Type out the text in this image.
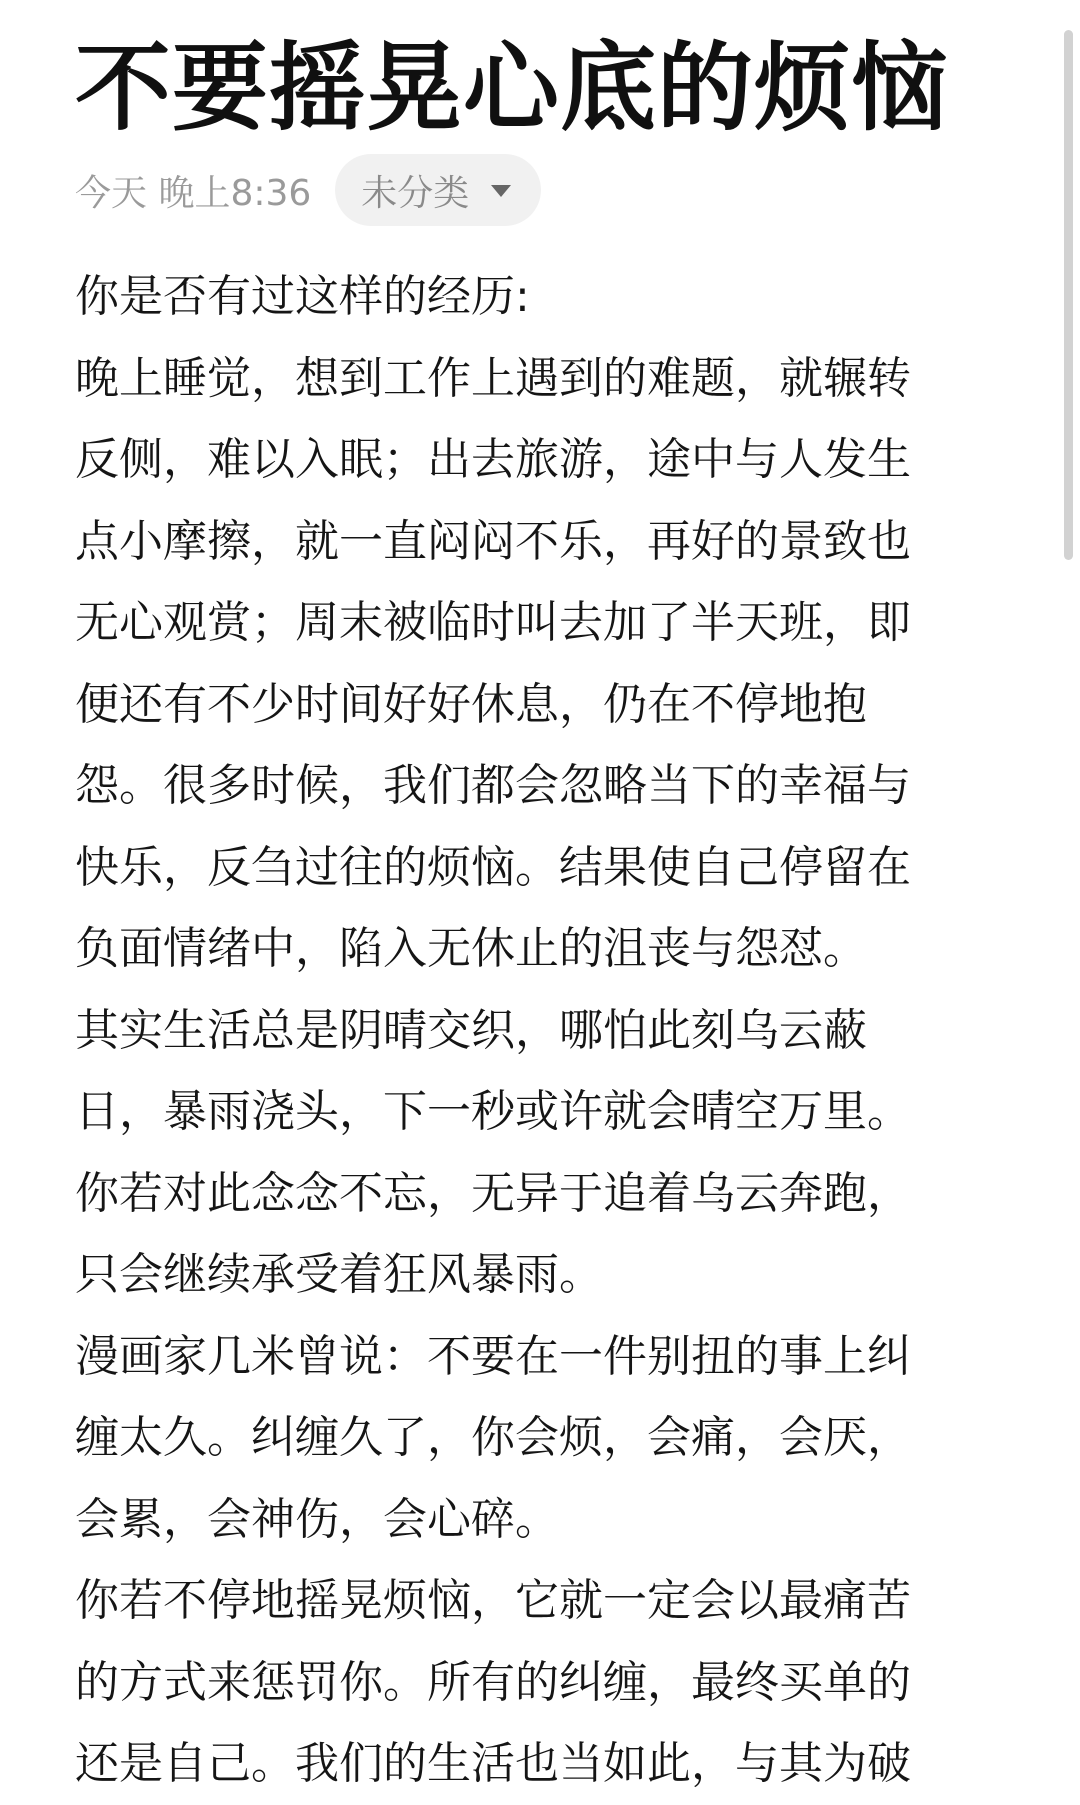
不要摇晃心底的烦恼
今天 晚上8:36 未分类
你是否有过这样的经历:
晚上睡觉，想到工作上遇到的难题，就辗转
反侧，难以入眠；出去旅游，途中与人发生
点小摩擦，就一直闷闷不乐，再好的景致也
无心观赏；周末被临时叫去加了半天班，即
便还有不少时间好好休息，仍在不停地抱
怨。很多时候，我们都会忽略当下的幸福与
快乐，反刍过往的烦恼。结果使自己停留在
负面情绪中，陷入无休止的沮丧与怨怼。
其实生活总是阴晴交织，哪怕此刻乌云蔽
日，暴雨浇头，下一秒或许就会晴空万里。
你若对此念念不忘，无异于追着乌云奔跑，
只会继续承受着狂风暴雨。
漫画家几米曾说：不要在一件别扭的事上纠
缠太久。纠缠久了，你会烦，会痛，会厌，
会累，会神伤，会心碎。
你若不停地摇晃烦恼，它就一定会以最痛苦
的方式来惩罚你。所有的纠缠，最终买单的
还是自己。我们的生活也当如此，与其为破
